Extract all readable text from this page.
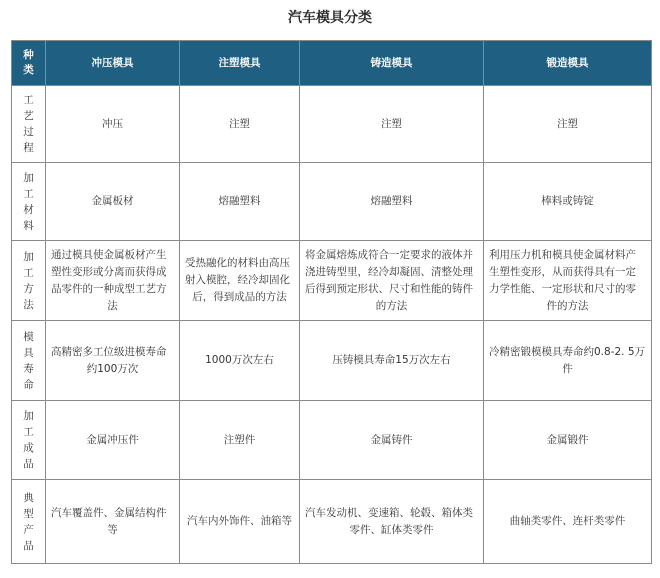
汽车模具分类
种类	冲压模具	注塑模具	铸造模具	锻造模具
工艺过程	冲压	注塑	注塑	注塑
加工材料	金属板材	熔融塑料	熔融塑料	棒料或铸锭
加工方法	通过模具使金属板材产生塑性变形或分离而获得成品零件的一种成型工艺方法	受热融化的材料由高压射入模腔，经冷却固化后，得到成品的方法	将金属熔炼成符合一定要求的液体并浇进铸型里，经冷却凝固、清整处理后得到预定形状、尺寸和性能的铸件的方法	利用压力机和模具使金属材料产生塑性变形，从而获得具有一定力学性能、一定形状和尺寸的零件的方法
模具寿命	高精密多工位级进模寿命约100万次	1000万次左右	压铸模具寿命15万次左右	冷精密锻模模具寿命约0.8-2. 5万件
加工成品	金属冲压件	注塑件	金属铸件	金属锻件
典型产品	汽车覆盖件、金属结构件等	汽车内外饰件、油箱等	汽车发动机、变速箱、轮毂、箱体类零件、缸体类零件	曲轴类零件、连杆类零件
